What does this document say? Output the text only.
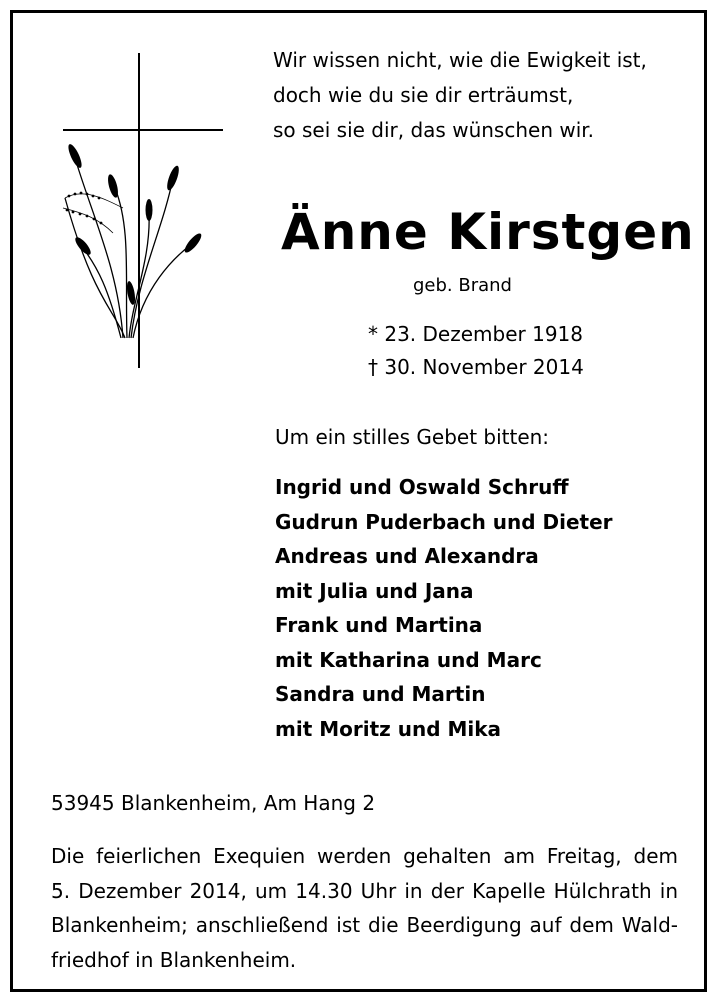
Wir wissen nicht, wie die Ewigkeit ist,
doch wie du sie dir erträumst,
so sei sie dir, das wünschen wir.
Änne Kirstgen
geb. Brand
* 23. Dezember 1918
† 30. November 2014
Um ein stilles Gebet bitten:
Ingrid und Oswald Schruff
Gudrun Puderbach und Dieter
Andreas und Alexandra
mit Julia und Jana
Frank und Martina
mit Katharina und Marc
Sandra und Martin
mit Moritz und Mika
53945 Blankenheim, Am Hang 2
Die feierlichen Exequien werden gehalten am Freitag, dem
5. Dezember 2014, um 14.30 Uhr in der Kapelle Hülchrath in
Blankenheim; anschließend ist die Beerdigung auf dem Wald-
friedhof in Blankenheim.
